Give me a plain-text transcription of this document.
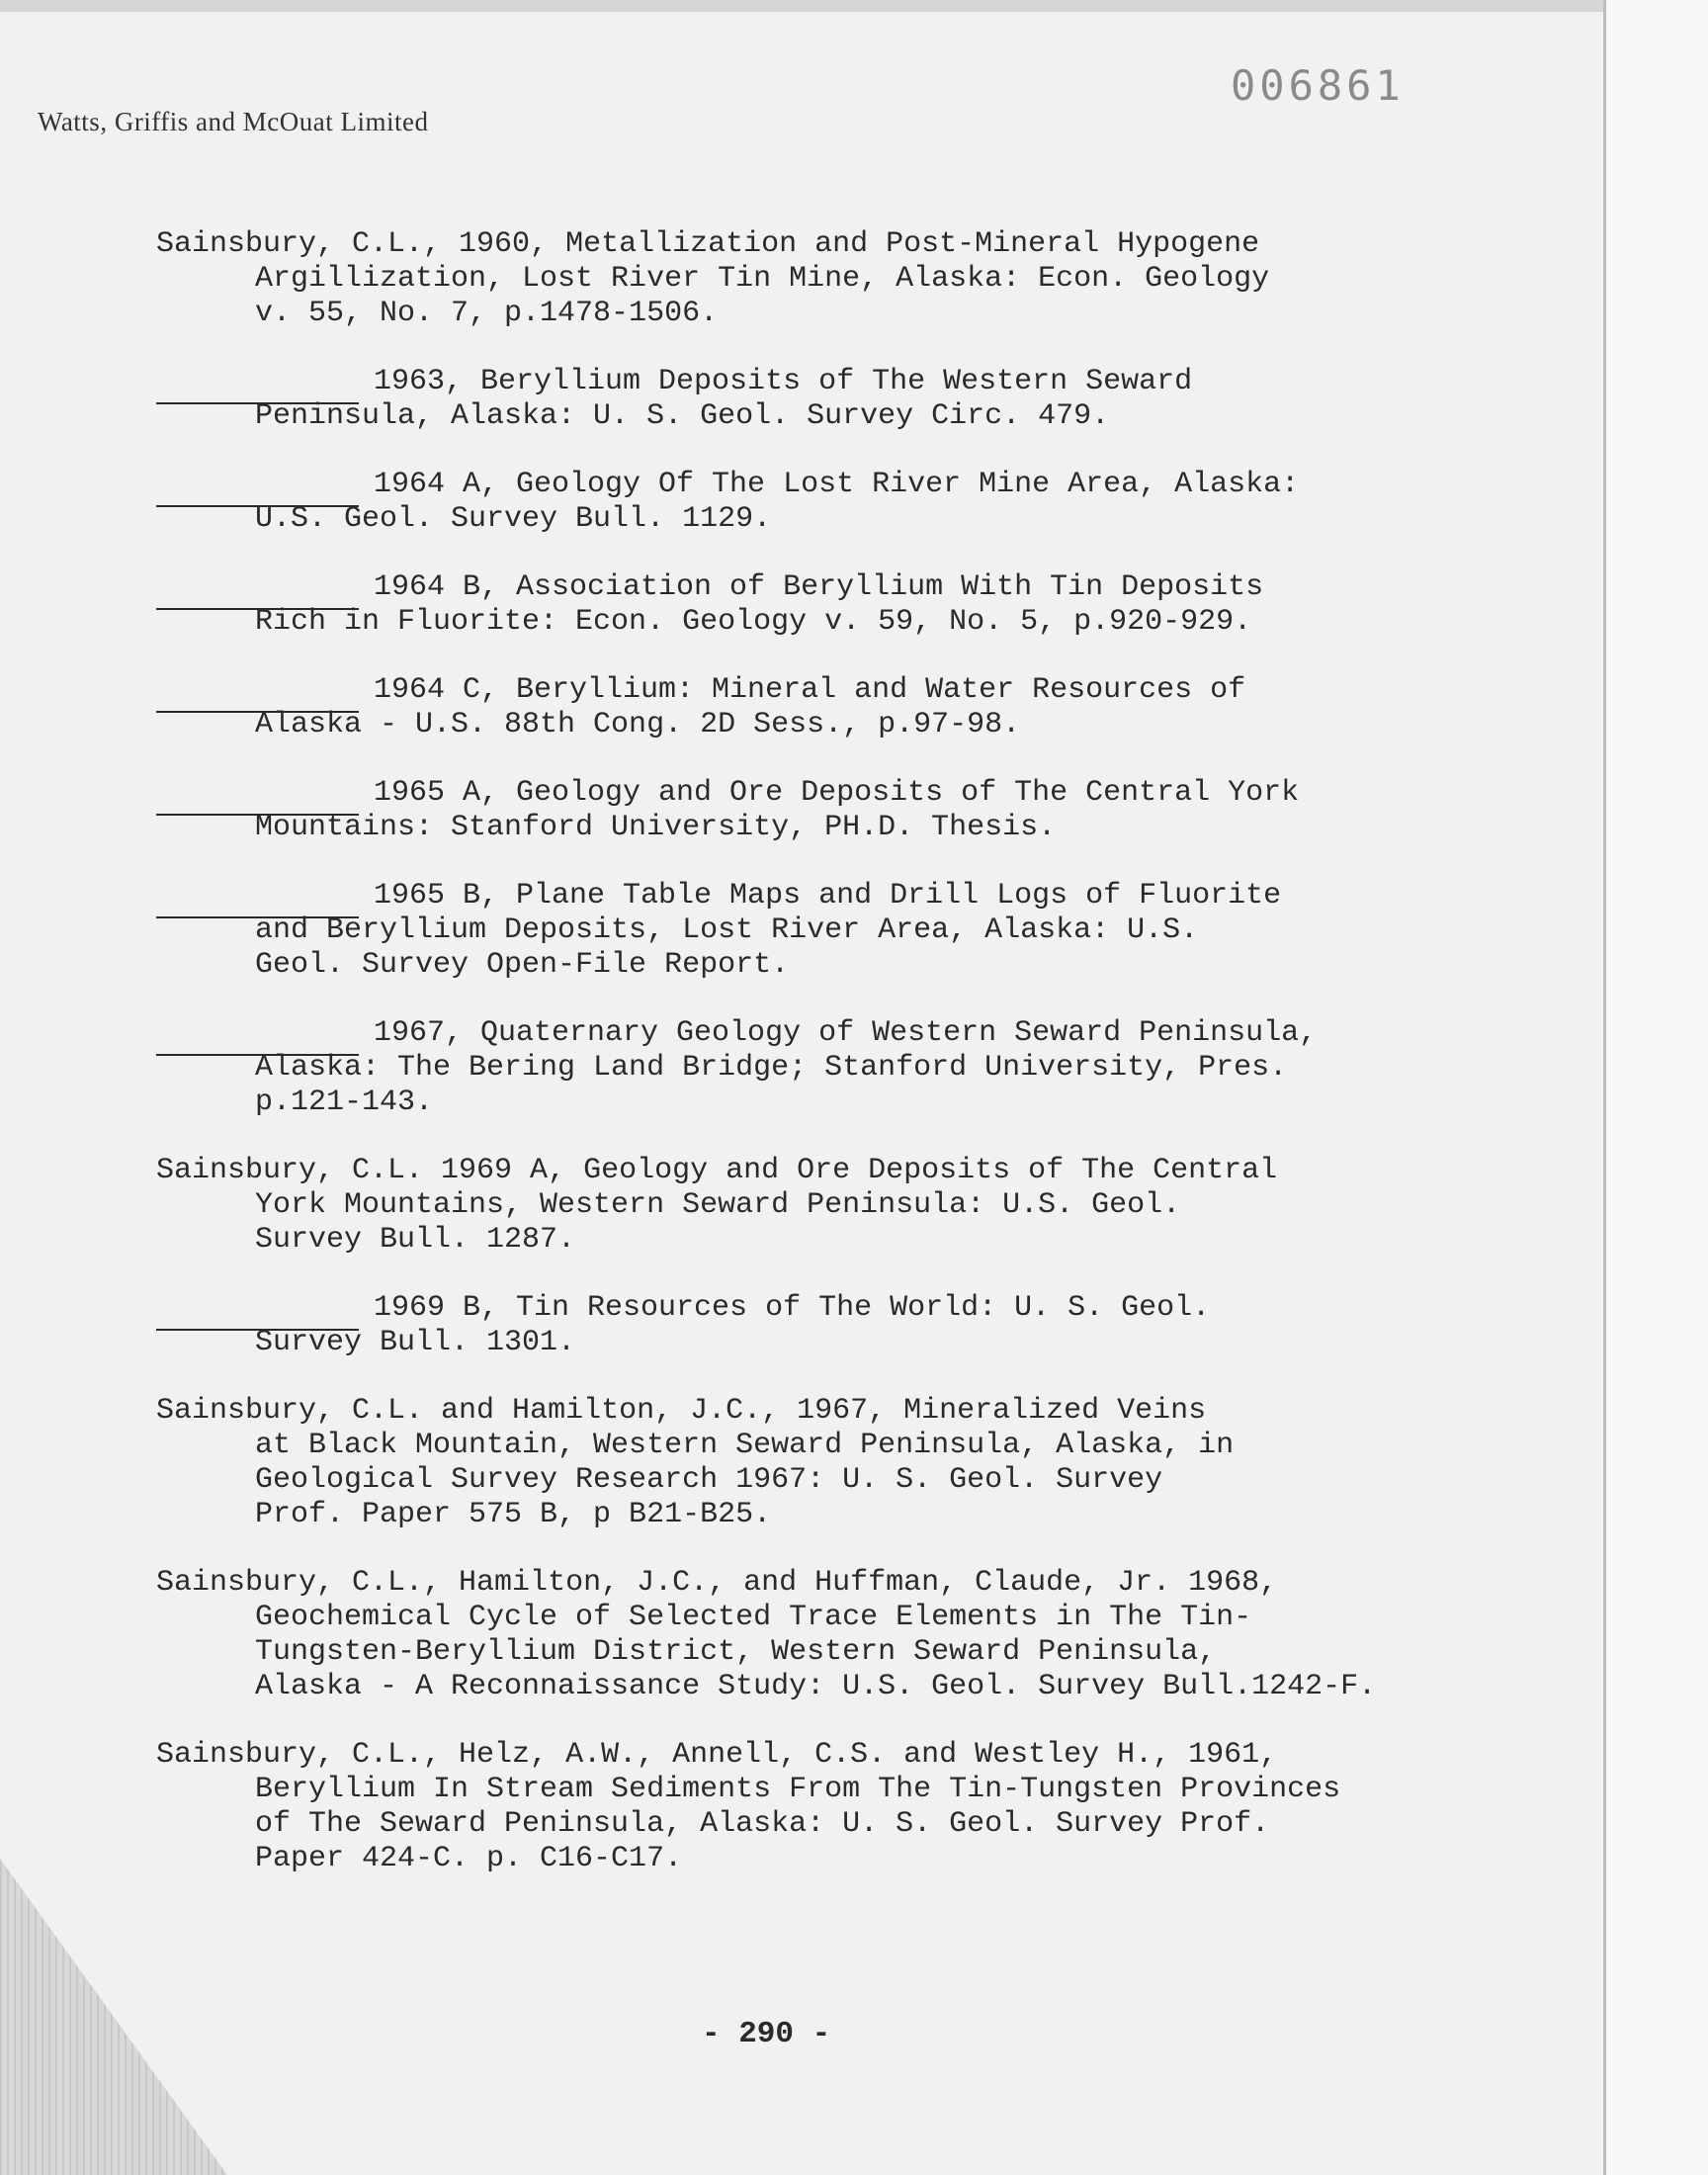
Watts, Griffis and McOuat Limited
006861
Sainsbury, C.L., 1960, Metallization and Post-Mineral Hypogene
Argillization, Lost River Tin Mine, Alaska: Econ. Geology
v. 55, No. 7, p.1478-1506.
1963, Beryllium Deposits of The Western Seward
Peninsula, Alaska: U. S. Geol. Survey Circ. 479.
1964 A, Geology Of The Lost River Mine Area, Alaska:
U.S. Geol. Survey Bull. 1129.
1964 B, Association of Beryllium With Tin Deposits
Rich in Fluorite: Econ. Geology v. 59, No. 5, p.920-929.
1964 C, Beryllium: Mineral and Water Resources of
Alaska - U.S. 88th Cong. 2D Sess., p.97-98.
1965 A, Geology and Ore Deposits of The Central York
Mountains: Stanford University, PH.D. Thesis.
1965 B, Plane Table Maps and Drill Logs of Fluorite
and Beryllium Deposits, Lost River Area, Alaska: U.S.
Geol. Survey Open-File Report.
1967, Quaternary Geology of Western Seward Peninsula,
Alaska: The Bering Land Bridge; Stanford University, Pres.
p.121-143.
Sainsbury, C.L. 1969 A, Geology and Ore Deposits of The Central
York Mountains, Western Seward Peninsula: U.S. Geol.
Survey Bull. 1287.
1969 B, Tin Resources of The World: U. S. Geol.
Survey Bull. 1301.
Sainsbury, C.L. and Hamilton, J.C., 1967, Mineralized Veins
at Black Mountain, Western Seward Peninsula, Alaska, in
Geological Survey Research 1967: U. S. Geol. Survey
Prof. Paper 575 B, p B21-B25.
Sainsbury, C.L., Hamilton, J.C., and Huffman, Claude, Jr. 1968,
Geochemical Cycle of Selected Trace Elements in The Tin-
Tungsten-Beryllium District, Western Seward Peninsula,
Alaska - A Reconnaissance Study: U.S. Geol. Survey Bull.1242-F.
Sainsbury, C.L., Helz, A.W., Annell, C.S. and Westley H., 1961,
Beryllium In Stream Sediments From The Tin-Tungsten Provinces
of The Seward Peninsula, Alaska: U. S. Geol. Survey Prof.
Paper 424-C. p. C16-C17.
- 290 -
